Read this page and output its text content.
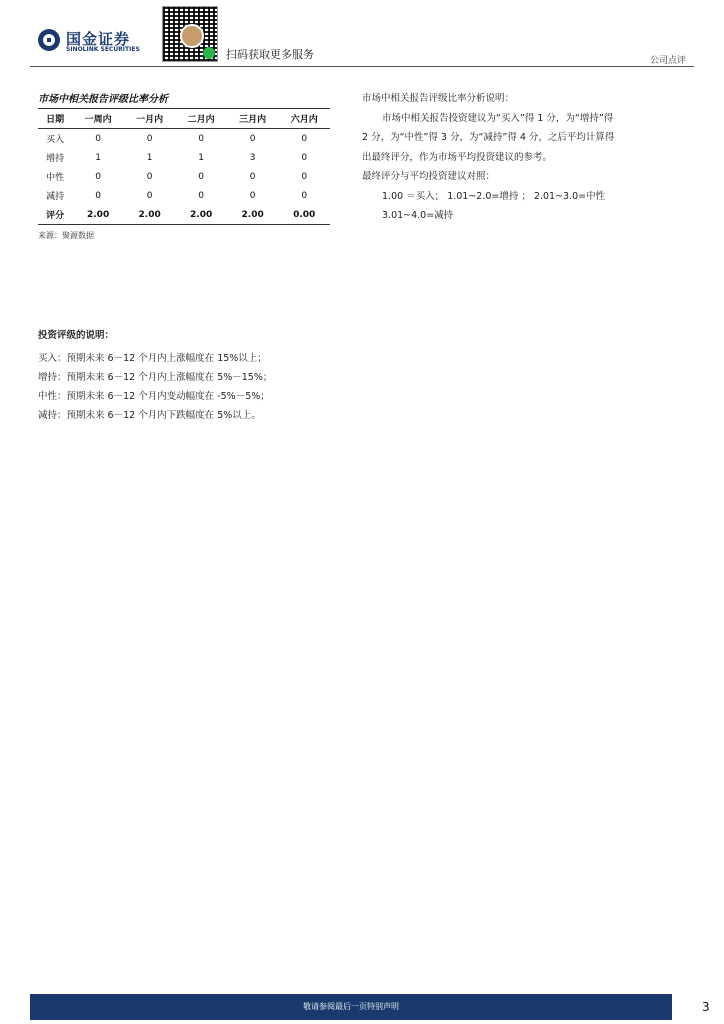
国金证券
SINOLINK SECURITIES	扫码获取更多服务	公司点评
市场中相关报告评级比率分析
日期	一周内	一月内	二月内	三月内	六月内
买入	0	0	0	0	0
增持	1	1	1	3	0
中性	0	0	0	0	0
减持	0	0	0	0	0
评分	2.00	2.00	2.00	2.00	0.00
来源：聚源数据

市场中相关报告评级比率分析说明：

市场中相关报告投资建议为“买入”得 1 分，为“增持”得

2 分，为“中性”得 3 分，为“减持”得 4 分，之后平均计算得

出最终评分，作为市场平均投资建议的参考。

最终评分与平均投资建议对照：

1.00 ＝买入； 1.01~2.0=增持 ； 2.01~3.0=中性

3.01~4.0=减持

投资评级的说明：

买入：预期未来 6－12 个月内上涨幅度在 15%以上；

增持：预期未来 6－12 个月内上涨幅度在 5%－15%；

中性：预期未来 6－12 个月内变动幅度在 -5%－5%；

减持：预期未来 6－12 个月内下跌幅度在 5%以上。

敬请参阅最后一页特别声明	3
